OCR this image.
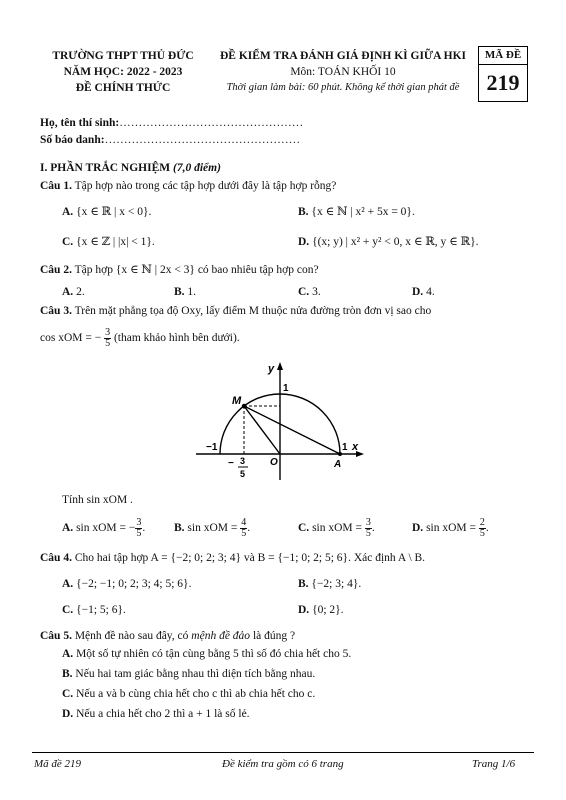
TRƯỜNG THPT THỦ ĐỨC
NĂM HỌC: 2022 - 2023
ĐỀ CHÍNH THỨC
ĐỀ KIỂM TRA ĐÁNH GIÁ ĐỊNH KÌ GIỮA HKI
Môn: TOÁN KHỐI 10
Thời gian làm bài: 60 phút. Không kể thời gian phát đề
MÃ ĐỀ
219
Họ, tên thí sinh:…………………………………………
Số báo danh:……………………………………………
I. PHẦN TRẮC NGHIỆM (7,0 điểm)
Câu 1. Tập hợp nào trong các tập hợp dưới đây là tập hợp rỗng?
A. {x ∈ ℝ | x < 0}.	B. {x ∈ ℕ | x² + 5x = 0}.
C. {x ∈ ℤ | |x| < 1}.	D. {(x; y) | x² + y² < 0, x ∈ ℝ, y ∈ ℝ}.
Câu 2. Tập hợp {x ∈ ℕ | 2x < 3} có bao nhiêu tập hợp con?
A. 2.	B. 1.	C. 3.	D. 4.
Câu 3. Trên mặt phẳng tọa độ Oxy, lấy điểm M thuộc nửa đường tròn đơn vị sao cho
cos xOM = − $\frac{3}{5}$ (tham khảo hình bên dưới).
y
x
1
M
−1
O
1
A
− 3
5
Tính sin xOM .
A. sin xOM = − $\frac{3}{5}$ .	B. sin xOM = $\frac{4}{5}$ .	C. sin xOM = $\frac{3}{5}$ .	D. sin xOM = $\frac{2}{5}$ .
Câu 4. Cho hai tập hợp A = {−2; 0; 2; 3; 4} và B = {−1; 0; 2; 5; 6}. Xác định A \ B.
A. {−2; −1; 0; 2; 3; 4; 5; 6}.	B. {−2; 3; 4}.
C. {−1; 5; 6}.	D. {0; 2}.
Câu 5. Mệnh đề nào sau đây, có mệnh đề đảo là đúng ?
A. Một số tự nhiên có tận cùng bằng 5 thì số đó chia hết cho 5.
B. Nếu hai tam giác bằng nhau thì diện tích bằng nhau.
C. Nếu a và b cùng chia hết cho c thì ab chia hết cho c.
D. Nếu a chia hết cho 2 thì a + 1 là số lẻ.
Mã đề 219	Đề kiểm tra gồm có 6 trang	Trang 1/6
